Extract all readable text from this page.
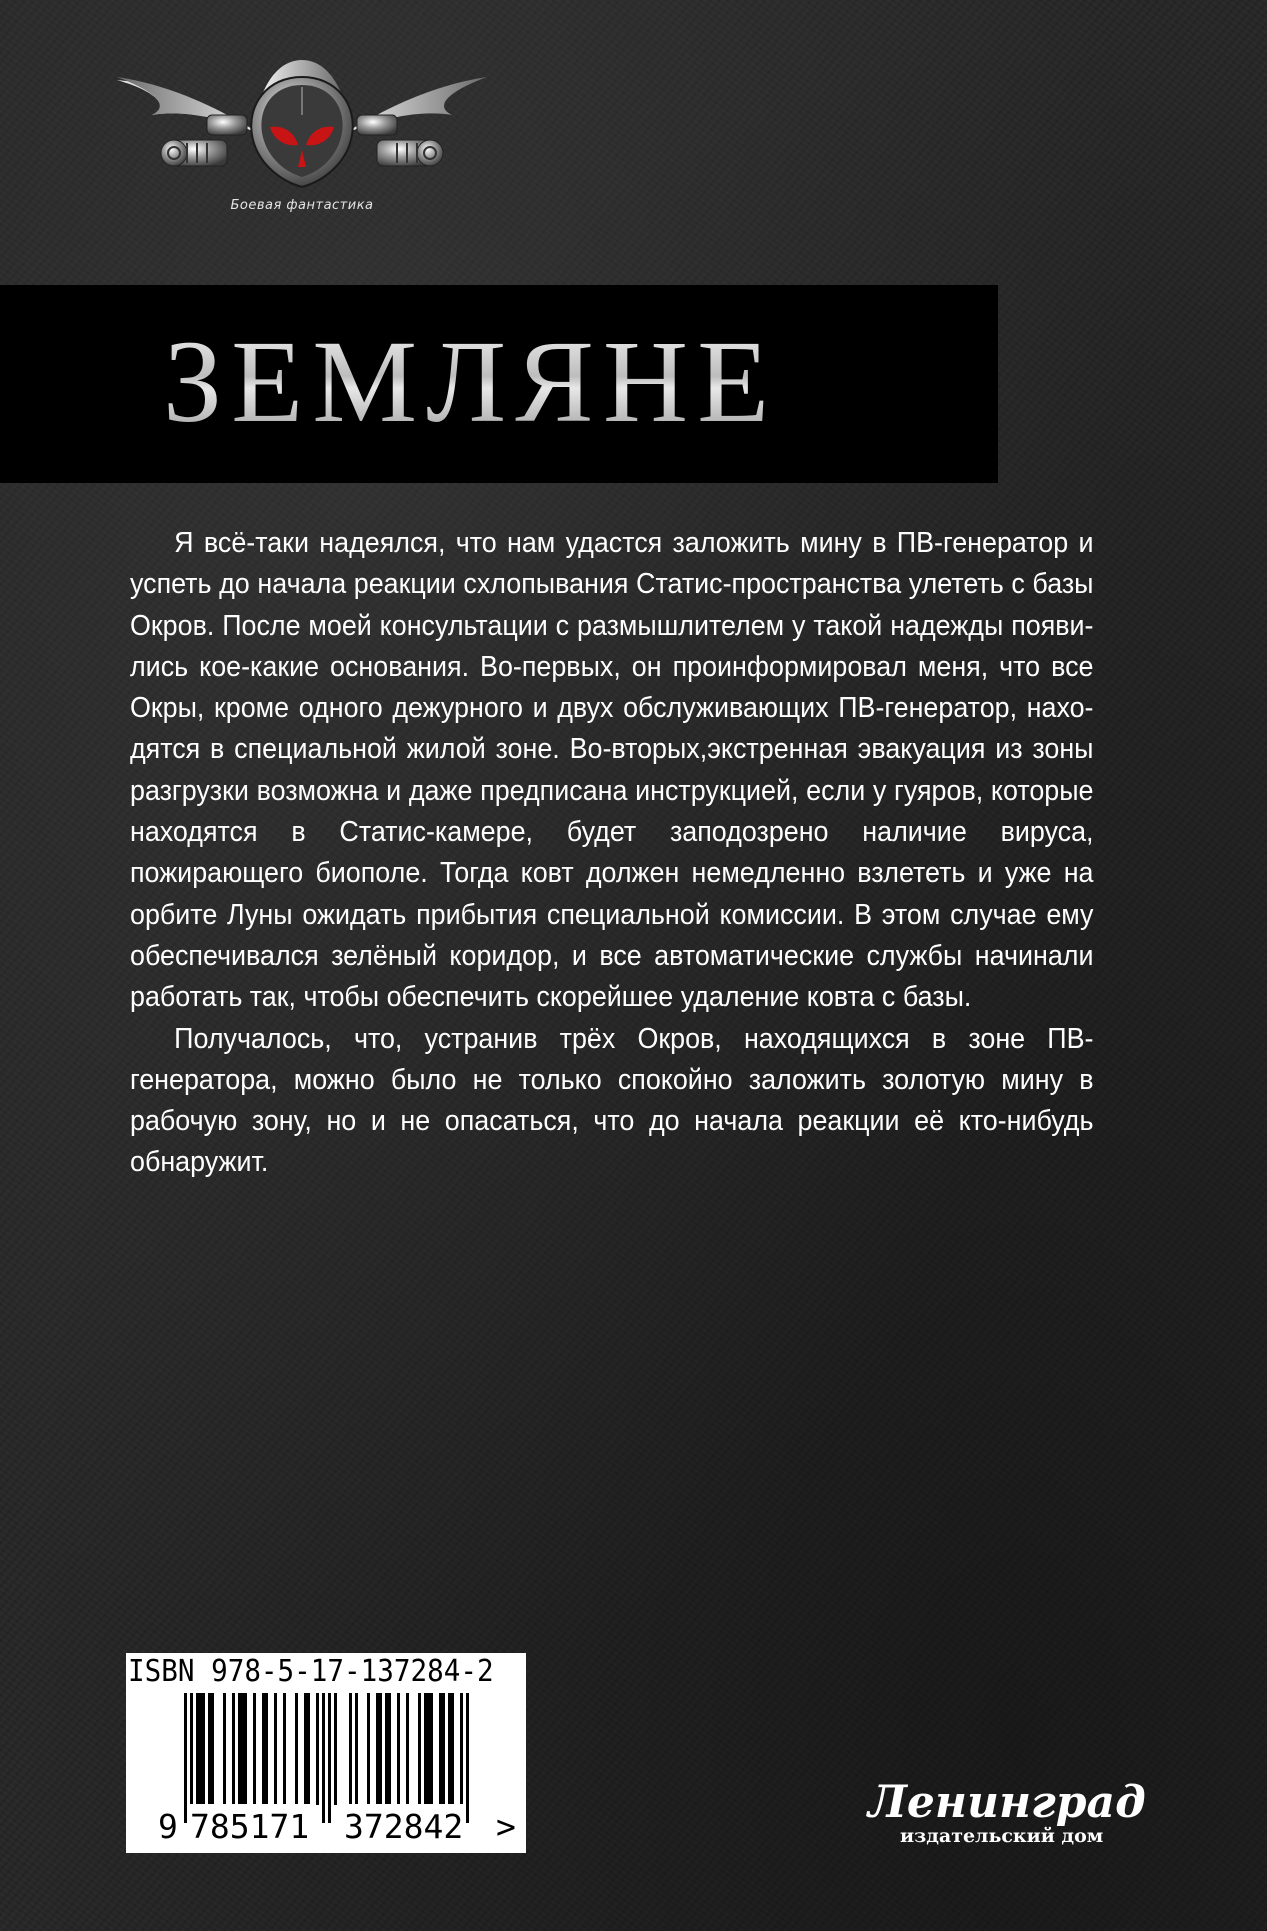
Боевая фантастика
ЗЕМЛЯНЕ

Я всё-таки надеялся, что нам удастся заложить мину в ПВ-генератор и успеть до начала реакции схлопывания Статис-пространства улететь с базы Окров. После моей консультации с размышлителем у такой надежды появи-лись кое-какие основания. Во-первых, он проинформировал меня, что все Окры, кроме одного дежурного и двух обслуживающих ПВ-генератор, нахо-дятся в специальной жилой зоне. Во-вторых,экстренная эвакуация из зоны разгрузки возможна и даже предписана инструкцией, если у гуяров, которые находятся в Статис-камере, будет заподозрено наличие вируса, пожирающего биополе. Тогда ковт должен немедленно взлететь и уже на орбите Луны ожидать прибытия специальной комиссии. В этом случае ему обеспечивался зелёный коридор, и все автоматические службы начинали работать так, чтобы обеспечить скорейшее удаление ковта с базы.

Получалось, что, устранив трёх Окров, находящихся в зоне ПВ-генератора, можно было не только спокойно заложить золотую мину в рабочую зону, но и не опасаться, что до начала реакции её кто-нибудь обнаружит.

ISBN 978-5-17-137284-2
9 785171 372842 >	Ленинград
издательский дом
